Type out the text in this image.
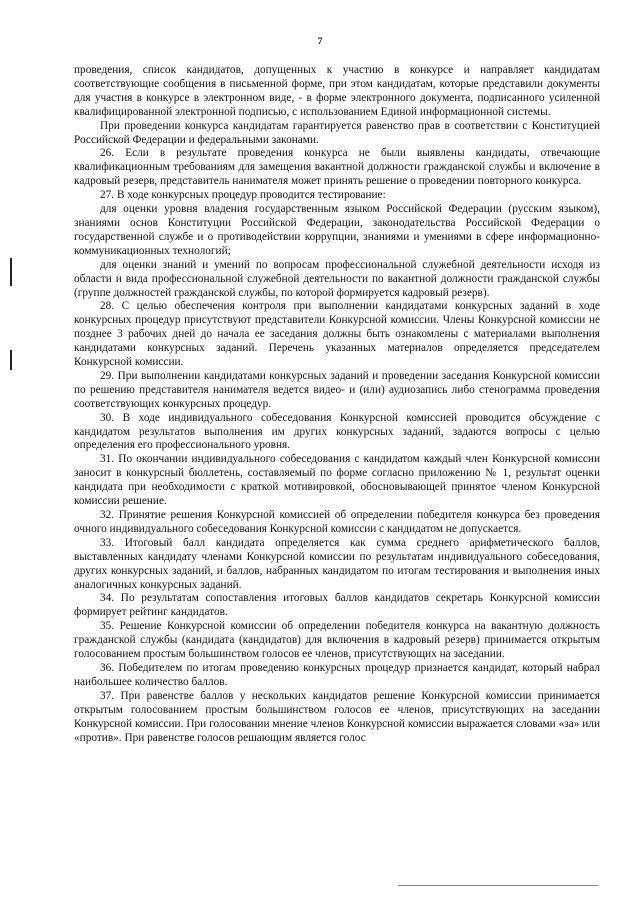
7

проведения, список кандидатов, допущенных к участию в конкурсе и направляет кандидатам соответствующие сообщения в письменной форме, при этом кандидатам, которые представили документы для участия в конкурсе в электронном виде, - в форме электронного документа, подписанного усиленной квалифицированной электронной подписью, с использованием Единой информационной системы.

При проведении конкурса кандидатам гарантируется равенство прав в соответствии с Конституцией Российской Федерации и федеральными законами.

26. Если в результате проведения конкурса не были выявлены кандидаты, отвечающие квалификационным требованиям для замещения вакантной должности гражданской службы и включение в кадровый резерв, представитель нанимателя может принять решение о проведении повторного конкурса.

27. В ходе конкурсных процедур проводится тестирование:

для оценки уровня владения государственным языком Российской Федерации (русским языком), знаниями основ Конституции Российской Федерации, законодательства Российской Федерации о государственной службе и о противодействии коррупции, знаниями и умениями в сфере информационно-коммуникационных технологий;

для оценки знаний и умений по вопросам профессиональной служебной деятельности исходя из области и вида профессиональной служебной деятельности по вакантной должности гражданской службы (группе должностей гражданской службы, по которой формируется кадровый резерв).

28. С целью обеспечения контроля при выполнении кандидатами конкурсных заданий в ходе конкурсных процедур присутствуют представители Конкурсной комиссии. Члены Конкурсной комиссии не позднее 3 рабочих дней до начала ее заседания должны быть ознакомлены с материалами выполнения кандидатами конкурсных заданий. Перечень указанных материалов определяется председателем Конкурсной комиссии.

29. При выполнении кандидатами конкурсных заданий и проведении заседания Конкурсной комиссии по решению представителя нанимателя ведется видео- и (или) аудиозапись либо стенограмма проведения соответствующих конкурсных процедур.

30. В ходе индивидуального собеседования Конкурсной комиссией проводится обсуждение с кандидатом результатов выполнения им других конкурсных заданий, задаются вопросы с целью определения его профессионального уровня.

31. По окончании индивидуального собеседования с кандидатом каждый член Конкурсной комиссии заносит в конкурсный бюллетень, составляемый по форме согласно приложению № 1, результат оценки кандидата при необходимости с краткой мотивировкой, обосновывающей принятое членом Конкурсной комиссии решение.

32. Принятие решения Конкурсной комиссией об определении победителя конкурса без проведения очного индивидуального собеседования Конкурсной комиссии с кандидатом не допускается.

33. Итоговый балл кандидата определяется как сумма среднего арифметического баллов, выставленных кандидату членами Конкурсной комиссии по результатам индивидуального собеседования, других конкурсных заданий, и баллов, набранных кандидатом по итогам тестирования и выполнения иных аналогичных конкурсных заданий.

34. По результатам сопоставления итоговых баллов кандидатов секретарь Конкурсной комиссии формирует рейтинг кандидатов.

35. Решение Конкурсной комиссии об определении победителя конкурса на вакантную должность гражданской службы (кандидата (кандидатов) для включения в кадровый резерв) принимается открытым голосованием простым большинством голосов ее членов, присутствующих на заседании.

36. Победителем по итогам проведению конкурсных процедур признается кандидат, который набрал наибольшее количество баллов.

37. При равенстве баллов у нескольких кандидатов решение Конкурсной комиссии принимается открытым голосованием простым большинством голосов ее членов, присутствующих на заседании Конкурсной комиссии. При голосовании мнение членов Конкурсной комиссии выражается словами «за» или «против». При равенстве голосов решающим является голос
